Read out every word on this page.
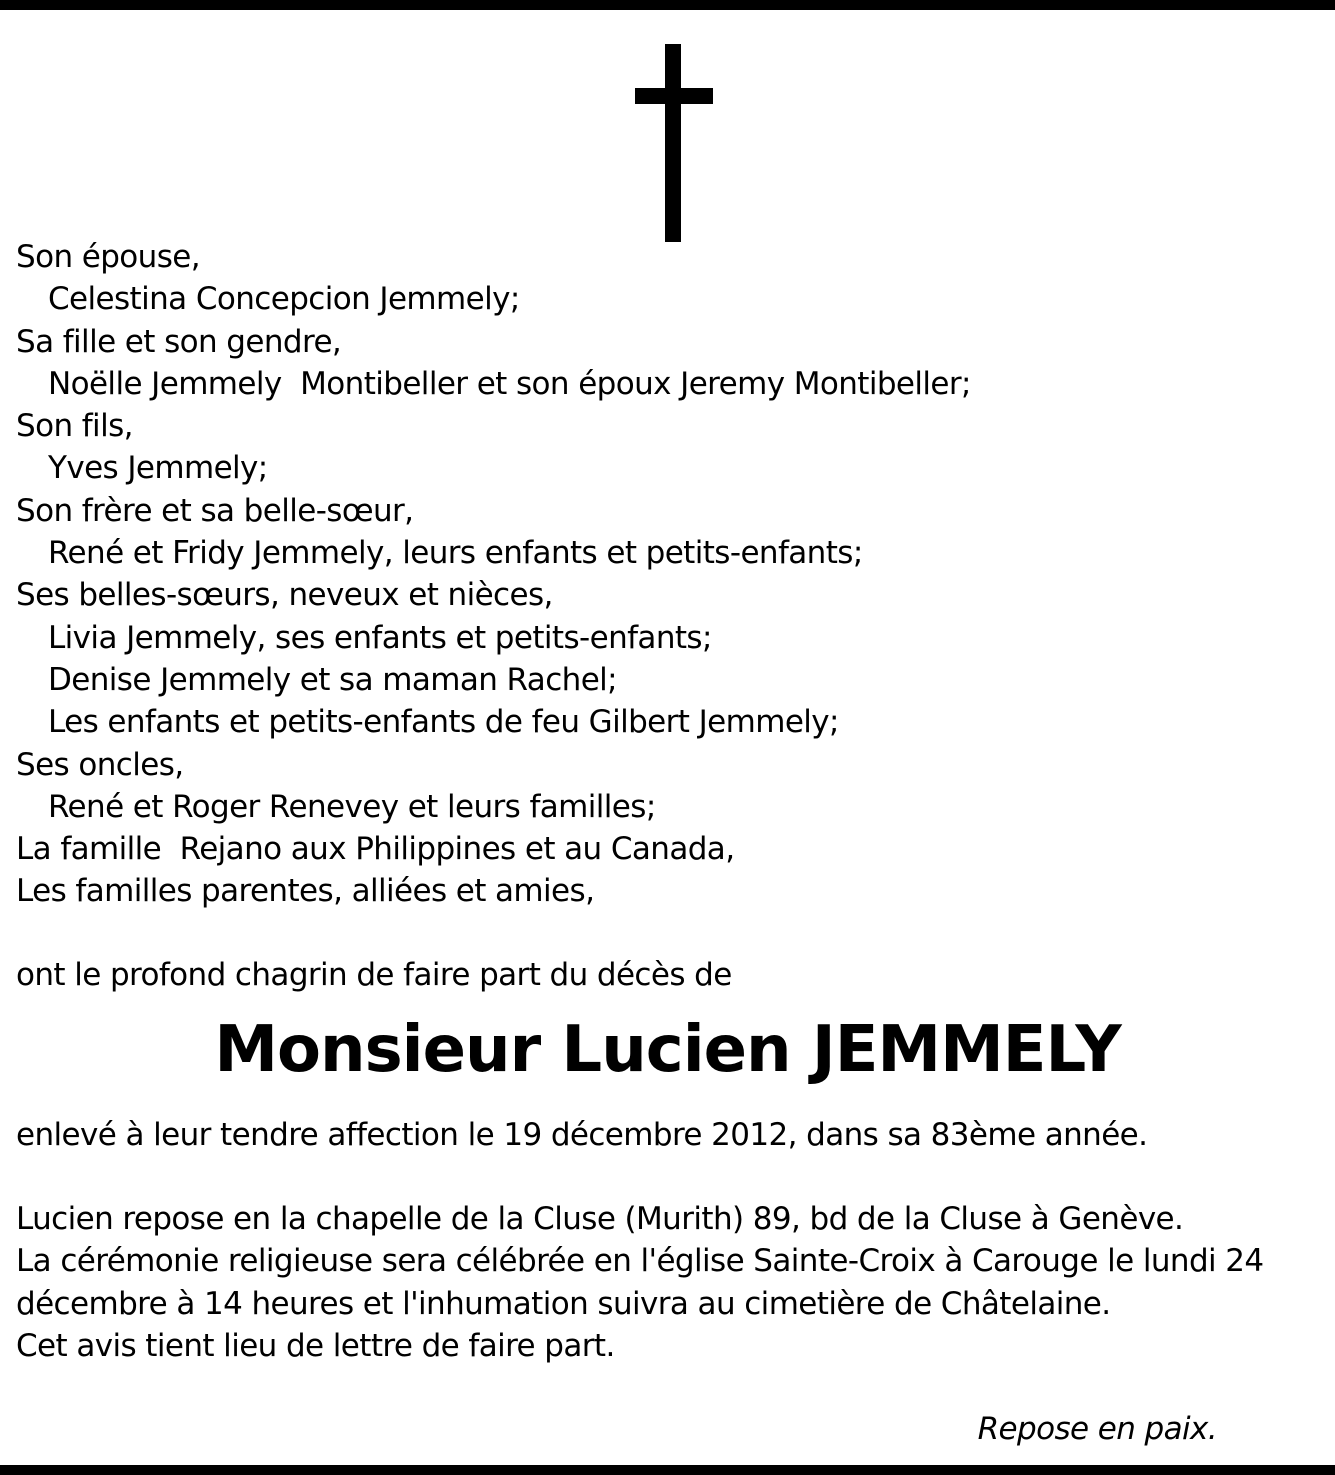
Son épouse,
Celestina Concepcion Jemmely;
Sa fille et son gendre,
Noëlle Jemmely  Montibeller et son époux Jeremy Montibeller;
Son fils,
Yves Jemmely;
Son frère et sa belle-sœur,
René et Fridy Jemmely, leurs enfants et petits-enfants;
Ses belles-sœurs, neveux et nièces,
Livia Jemmely, ses enfants et petits-enfants;
Denise Jemmely et sa maman Rachel;
Les enfants et petits-enfants de feu Gilbert Jemmely;
Ses oncles,
René et Roger Renevey et leurs familles;
La famille  Rejano aux Philippines et au Canada,
Les familles parentes, alliées et amies,
ont le profond chagrin de faire part du décès de
Monsieur Lucien JEMMELY
enlevé à leur tendre affection le 19 décembre 2012, dans sa 83ème année.
Lucien repose en la chapelle de la Cluse (Murith) 89, bd de la Cluse à Genève.
La cérémonie religieuse sera célébrée en l'église Sainte-Croix à Carouge le lundi 24
décembre à 14 heures et l'inhumation suivra au cimetière de Châtelaine.
Cet avis tient lieu de lettre de faire part.
Repose en paix.
